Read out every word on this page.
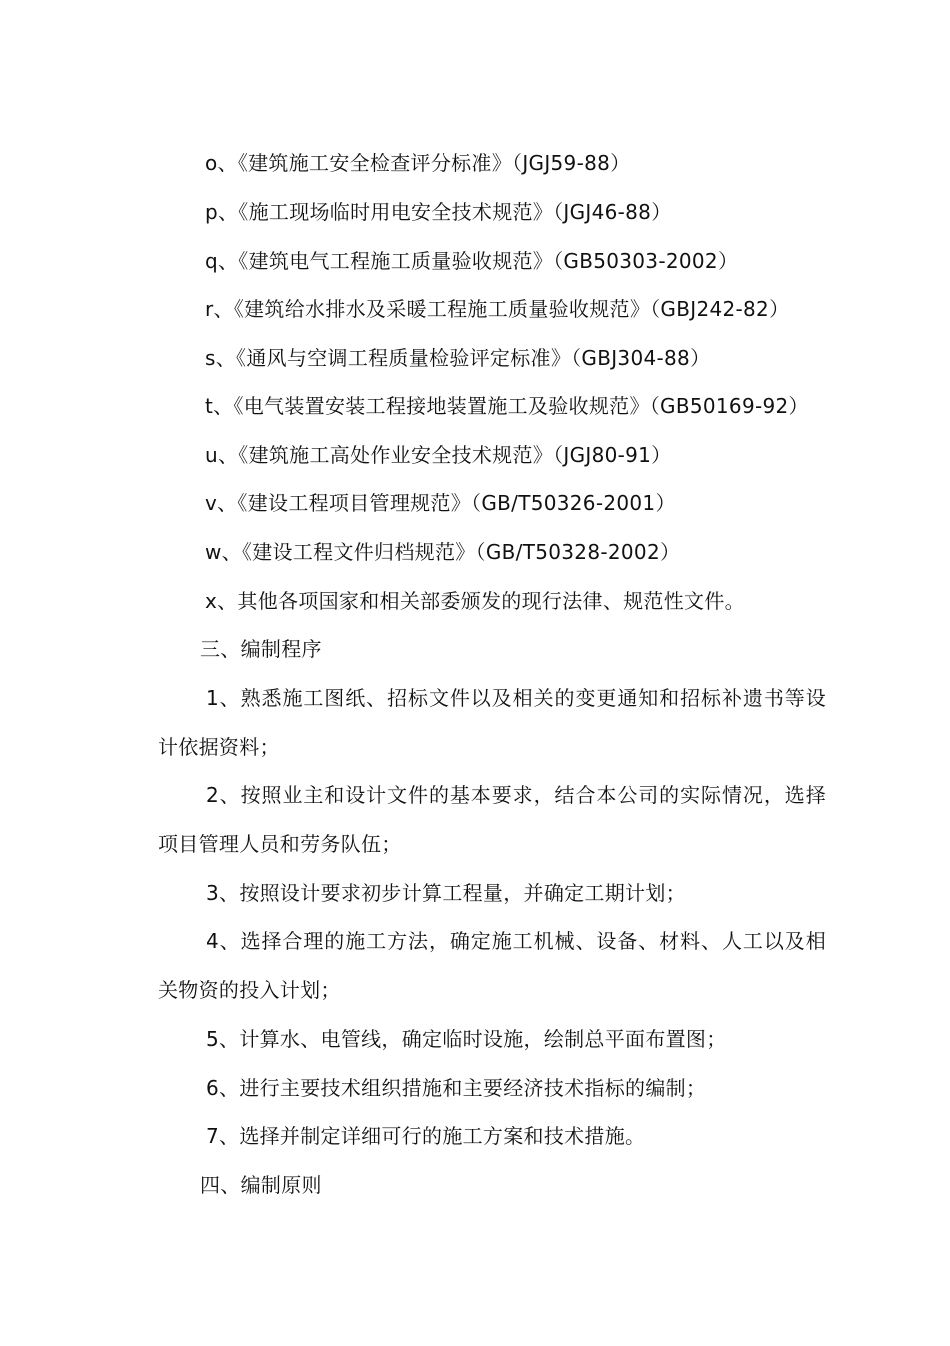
o、《建筑施工安全检查评分标准》（JGJ59-88）
p、《施工现场临时用电安全技术规范》（JGJ46-88）
q、《建筑电气工程施工质量验收规范》（GB50303-2002）
r、《建筑给水排水及采暖工程施工质量验收规范》（GBJ242-82）
s、《通风与空调工程质量检验评定标准》（GBJ304-88）
t、《电气装置安装工程接地装置施工及验收规范》（GB50169-92）
u、《建筑施工高处作业安全技术规范》（JGJ80-91）
v、《建设工程项目管理规范》（GB/T50326-2001）
w、《建设工程文件归档规范》（GB/T50328-2002）
x、其他各项国家和相关部委颁发的现行法律、规范性文件。
三、编制程序

1、熟悉施工图纸、招标文件以及相关的变更通知和招标补遗书等设计依据资料；

2、按照业主和设计文件的基本要求，结合本公司的实际情况，选择项目管理人员和劳务队伍；

3、按照设计要求初步计算工程量，并确定工期计划；

4、选择合理的施工方法，确定施工机械、设备、材料、人工以及相关物资的投入计划；

5、计算水、电管线，确定临时设施，绘制总平面布置图；
6、进行主要技术组织措施和主要经济技术指标的编制；
7、选择并制定详细可行的施工方案和技术措施。
四、编制原则
